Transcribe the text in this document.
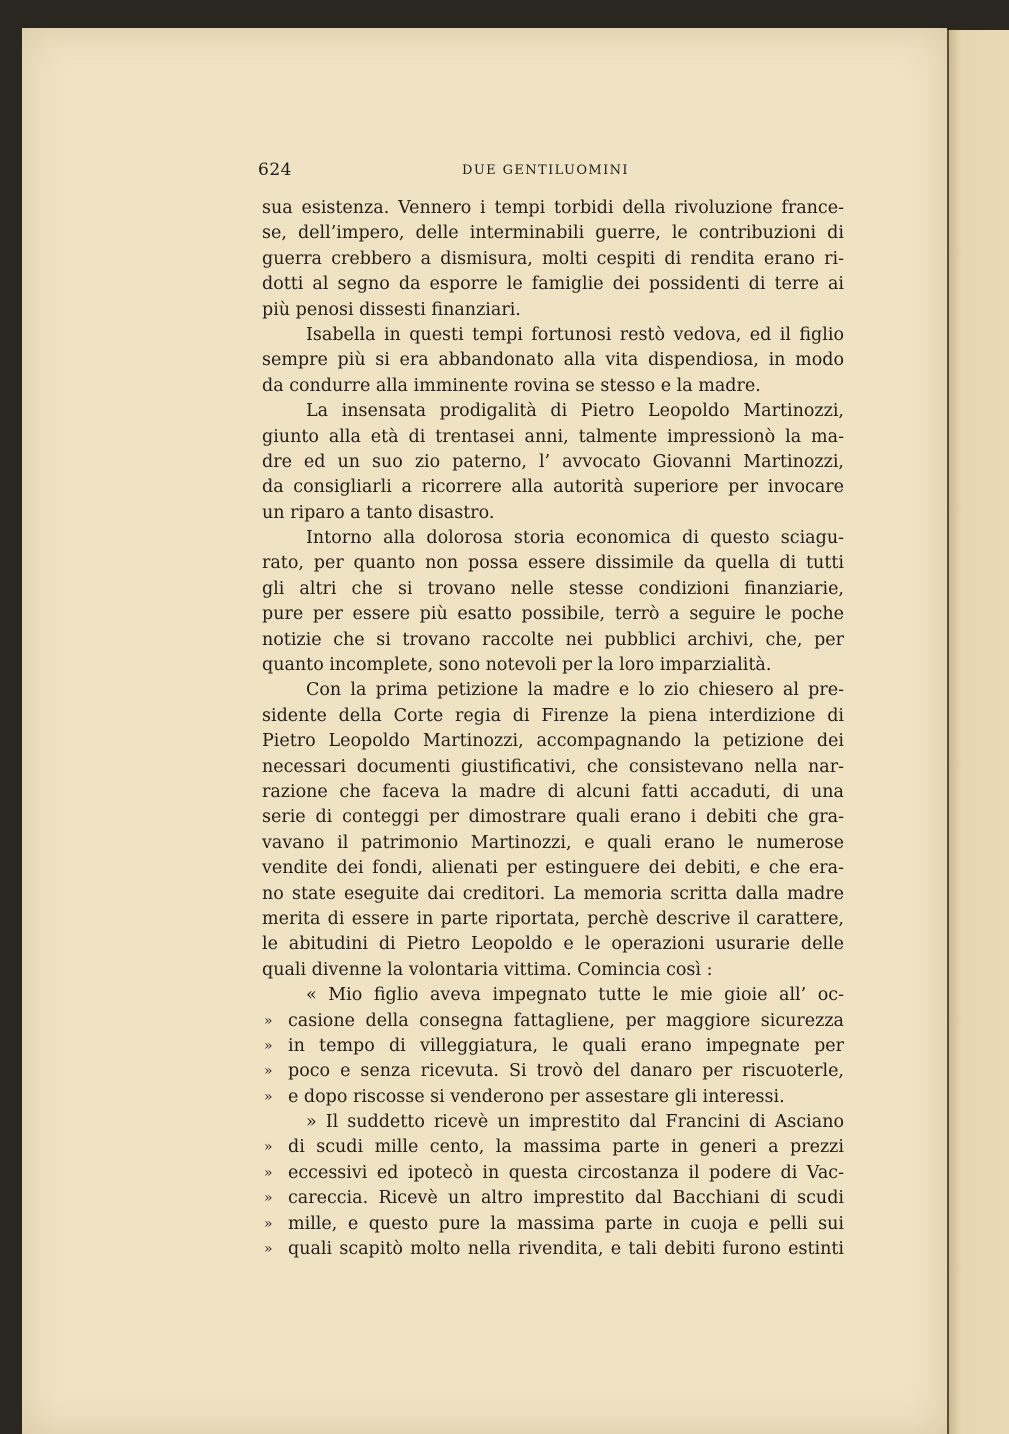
624	DUE GENTILUOMINI
sua esistenza. Vennero i tempi torbidi della rivoluzione france-
se, dell’impero, delle interminabili guerre, le contribuzioni di
guerra crebbero a dismisura, molti cespiti di rendita erano ri-
dotti al segno da esporre le famiglie dei possidenti di terre ai
più penosi dissesti finanziari.
Isabella in questi tempi fortunosi restò vedova, ed il figlio
sempre più si era abbandonato alla vita dispendiosa, in modo
da condurre alla imminente rovina se stesso e la madre.
La insensata prodigalità di Pietro Leopoldo Martinozzi,
giunto alla età di trentasei anni, talmente impressionò la ma-
dre ed un suo zio paterno, l’ avvocato Giovanni Martinozzi,
da consigliarli a ricorrere alla autorità superiore per invocare
un riparo a tanto disastro.
Intorno alla dolorosa storia economica di questo sciagu-
rato, per quanto non possa essere dissimile da quella di tutti
gli altri che si trovano nelle stesse condizioni finanziarie,
pure per essere più esatto possibile, terrò a seguire le poche
notizie che si trovano raccolte nei pubblici archivi, che, per
quanto incomplete, sono notevoli per la loro imparzialità.
Con la prima petizione la madre e lo zio chiesero al pre-
sidente della Corte regia di Firenze la piena interdizione di
Pietro Leopoldo Martinozzi, accompagnando la petizione dei
necessari documenti giustificativi, che consistevano nella nar-
razione che faceva la madre di alcuni fatti accaduti, di una
serie di conteggi per dimostrare quali erano i debiti che gra-
vavano il patrimonio Martinozzi, e quali erano le numerose
vendite dei fondi, alienati per estinguere dei debiti, e che era-
no state eseguite dai creditori. La memoria scritta dalla madre
merita di essere in parte riportata, perchè descrive il carattere,
le abitudini di Pietro Leopoldo e le operazioni usurarie delle
quali divenne la volontaria vittima. Comincia così :
« Mio figlio aveva impegnato tutte le mie gioie all’ oc-
» casione della consegna fattagliene, per maggiore sicurezza
» in tempo di villeggiatura, le quali erano impegnate per
» poco e senza ricevuta. Si trovò del danaro per riscuoterle,
» e dopo riscosse si venderono per assestare gli interessi.
» Il suddetto ricevè un imprestito dal Francini di Asciano
» di scudi mille cento, la massima parte in generi a prezzi
» eccessivi ed ipotecò in questa circostanza il podere di Vac-
» careccia. Ricevè un altro imprestito dal Bacchiani di scudi
» mille, e questo pure la massima parte in cuoja e pelli sui
» quali scapitò molto nella rivendita, e tali debiti furono estinti
